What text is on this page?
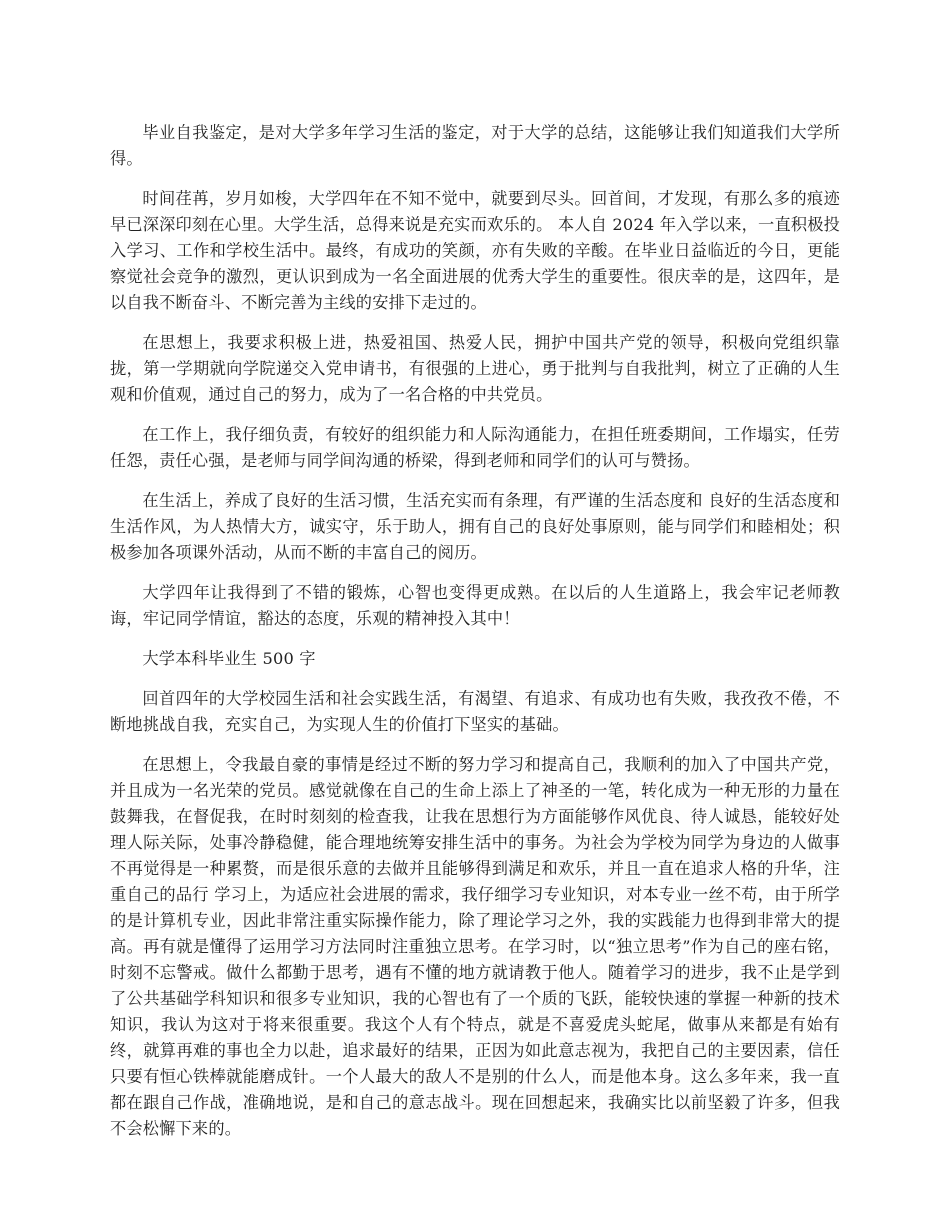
毕业自我鉴定，是对大学多年学习生活的鉴定，对于大学的总结，这能够让我们知道我们大学所得。

时间荏苒，岁月如梭，大学四年在不知不觉中，就要到尽头。回首间，才发现，有那么多的痕迹早已深深印刻在心里。大学生活，总得来说是充实而欢乐的。 本人自 2024 年入学以来，一直积极投入学习、工作和学校生活中。最终，有成功的笑颜，亦有失败的辛酸。在毕业日益临近的今日，更能察觉社会竞争的激烈，更认识到成为一名全面进展的优秀大学生的重要性。很庆幸的是，这四年，是以自我不断奋斗、不断完善为主线的安排下走过的。

在思想上，我要求积极上进，热爱祖国、热爱人民，拥护中国共产党的领导，积极向党组织靠拢，第一学期就向学院递交入党申请书，有很强的上进心，勇于批判与自我批判，树立了正确的人生观和价值观，通过自己的努力，成为了一名合格的中共党员。

在工作上，我仔细负责，有较好的组织能力和人际沟通能力，在担任班委期间，工作塌实，任劳任怨，责任心强，是老师与同学间沟通的桥梁，得到老师和同学们的认可与赞扬。

在生活上，养成了良好的生活习惯，生活充实而有条理，有严谨的生活态度和 良好的生活态度和生活作风，为人热情大方，诚实守，乐于助人，拥有自己的良好处事原则，能与同学们和睦相处；积极参加各项课外活动，从而不断的丰富自己的阅历。

大学四年让我得到了不错的锻炼，心智也变得更成熟。在以后的人生道路上，我会牢记老师教诲，牢记同学情谊，豁达的态度，乐观的精神投入其中！

大学本科毕业生 500 字

回首四年的大学校园生活和社会实践生活，有渴望、有追求、有成功也有失败，我孜孜不倦，不断地挑战自我，充实自己，为实现人生的价值打下坚实的基础。

在思想上，令我最自豪的事情是经过不断的努力学习和提高自己，我顺利的加入了中国共产党，并且成为一名光荣的党员。感觉就像在自己的生命上添上了神圣的一笔，转化成为一种无形的力量在鼓舞我，在督促我，在时时刻刻的检查我，让我在思想行为方面能够作风优良、待人诚恳，能较好处理人际关际，处事冷静稳健，能合理地统筹安排生活中的事务。为社会为学校为同学为身边的人做事不再觉得是一种累赘，而是很乐意的去做并且能够得到满足和欢乐，并且一直在追求人格的升华，注重自己的品行 学习上，为适应社会进展的需求，我仔细学习专业知识，对本专业一丝不苟，由于所学的是计算机专业，因此非常注重实际操作能力，除了理论学习之外，我的实践能力也得到非常大的提高。再有就是懂得了运用学习方法同时注重独立思考。在学习时，以“独立思考”作为自己的座右铭，时刻不忘警戒。做什么都勤于思考，遇有不懂的地方就请教于他人。随着学习的进步，我不止是学到了公共基础学科知识和很多专业知识，我的心智也有了一个质的飞跃，能较快速的掌握一种新的技术知识，我认为这对于将来很重要。我这个人有个特点，就是不喜爱虎头蛇尾，做事从来都是有始有终，就算再难的事也全力以赴，追求最好的结果，正因为如此意志视为，我把自己的主要因素，信任只要有恒心铁棒就能磨成针。一个人最大的敌人不是别的什么人，而是他本身。这么多年来，我一直都在跟自己作战，准确地说，是和自己的意志战斗。现在回想起来，我确实比以前坚毅了许多，但我不会松懈下来的。
